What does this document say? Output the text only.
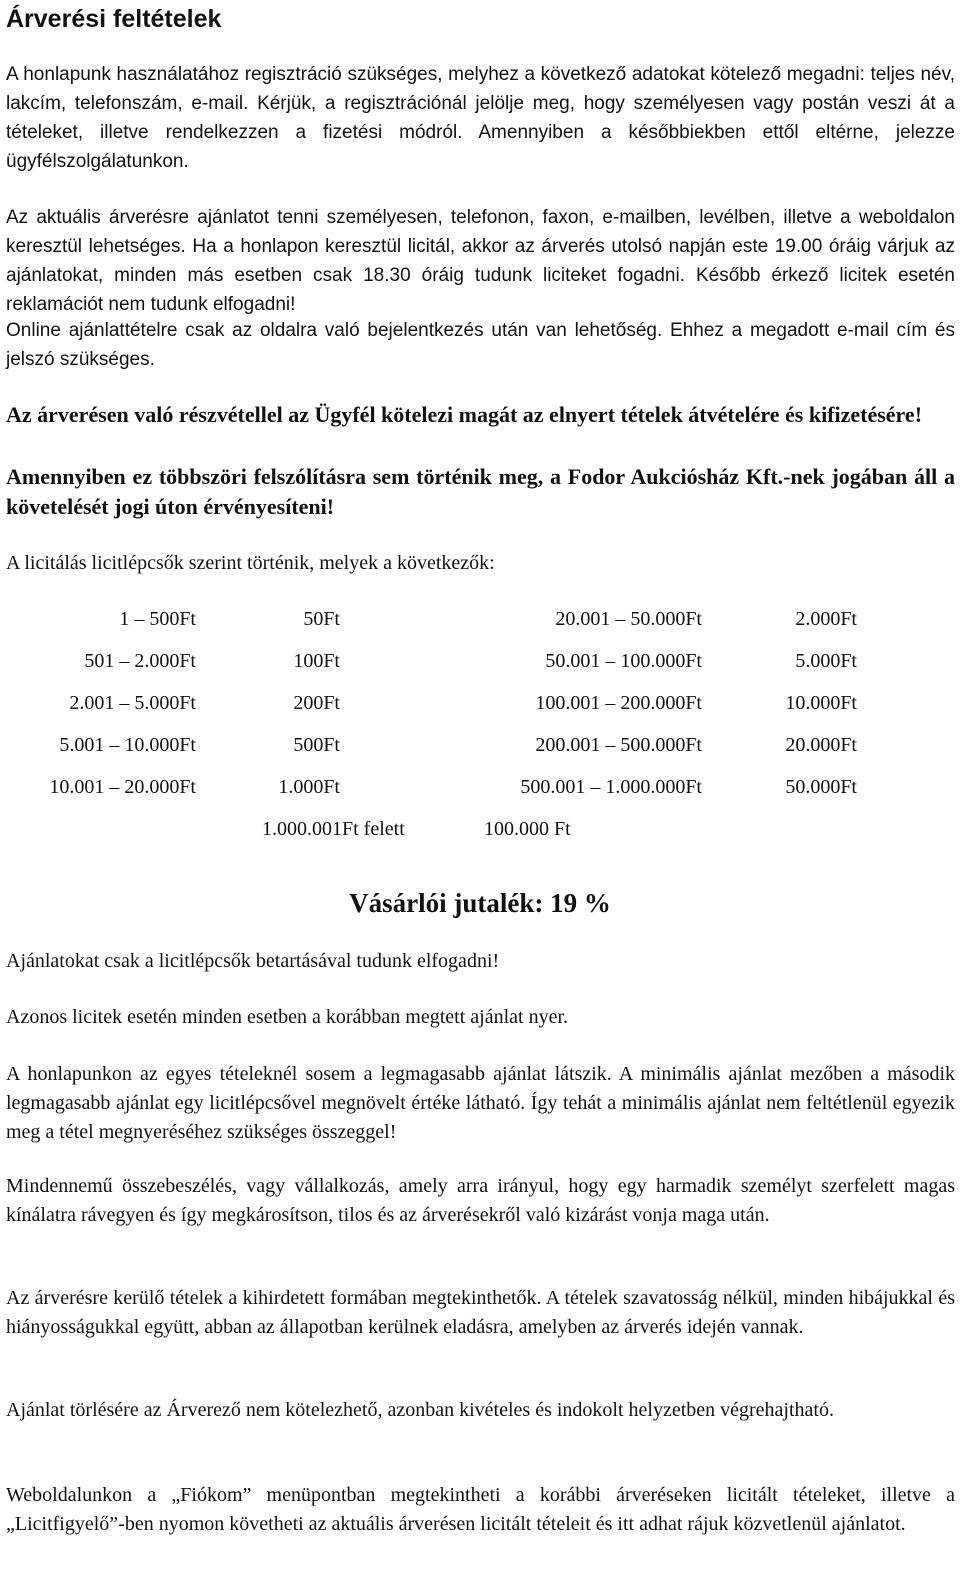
Árverési feltételek

A honlapunk használatához regisztráció szükséges, melyhez a következő adatokat kötelező megadni: teljes név, lakcím, telefonszám, e-mail. Kérjük, a regisztrációnál jelölje meg, hogy személyesen vagy postán veszi át a tételeket, illetve rendelkezzen a fizetési módról. Amennyiben a későbbiekben ettől eltérne, jelezze ügyfélszolgálatunkon.

Az aktuális árverésre ajánlatot tenni személyesen, telefonon, faxon, e-mailben, levélben, illetve a weboldalon keresztül lehetséges. Ha a honlapon keresztül licitál, akkor az árverés utolsó napján este 19.00 óráig várjuk az ajánlatokat, minden más esetben csak 18.30 óráig tudunk liciteket fogadni. Később érkező licitek esetén reklamációt nem tudunk elfogadni!

Online ajánlattételre csak az oldalra való bejelentkezés után van lehetőség. Ehhez a megadott e-mail cím és jelszó szükséges.

Az árverésen való részvétellel az Ügyfél kötelezi magát az elnyert tételek átvételére és kifizetésére!

Amennyiben ez többszöri felszólításra sem történik meg, a Fodor Aukciósház Kft.-nek jogában áll a követelését jogi úton érvényesíteni!

A licitálás licitlépcsők szerint történik, melyek a következők:

1 – 500Ft	50Ft	20.001 – 50.000Ft	2.000Ft
501 – 2.000Ft	100Ft	50.001 – 100.000Ft	5.000Ft
2.001 – 5.000Ft	200Ft	100.001 – 200.000Ft	10.000Ft
5.001 – 10.000Ft	500Ft	200.001 – 500.000Ft	20.000Ft
10.001 – 20.000Ft	1.000Ft	500.001 – 1.000.000Ft	50.000Ft
1.000.001Ft felett	100.000 Ft

Vásárlói jutalék: 19 %

Ajánlatokat csak a licitlépcsők betartásával tudunk elfogadni!

Azonos licitek esetén minden esetben a korábban megtett ajánlat nyer.

A honlapunkon az egyes tételeknél sosem a legmagasabb ajánlat látszik. A minimális ajánlat mezőben a második legmagasabb ajánlat egy licitlépcsővel megnövelt értéke látható. Így tehát a minimális ajánlat nem feltétlenül egyezik meg a tétel megnyeréséhez szükséges összeggel!

Mindennemű összebeszélés, vagy vállalkozás, amely arra irányul, hogy egy harmadik személyt szerfelett magas kínálatra rávegyen és így megkárosítson, tilos és az árverésekről való kizárást vonja maga után.

Az árverésre kerülő tételek a kihirdetett formában megtekinthetők. A tételek szavatosság nélkül, minden hibájukkal és hiányosságukkal együtt, abban az állapotban kerülnek eladásra, amelyben az árverés idején vannak.

Ajánlat törlésére az Árverező nem kötelezhető, azonban kivételes és indokolt helyzetben végrehajtható.

Weboldalunkon a „Fiókom” menüpontban megtekintheti a korábbi árveréseken licitált tételeket, illetve a „Licitfigyelő”-ben nyomon követheti az aktuális árverésen licitált tételeit és itt adhat rájuk közvetlenül ajánlatot.
